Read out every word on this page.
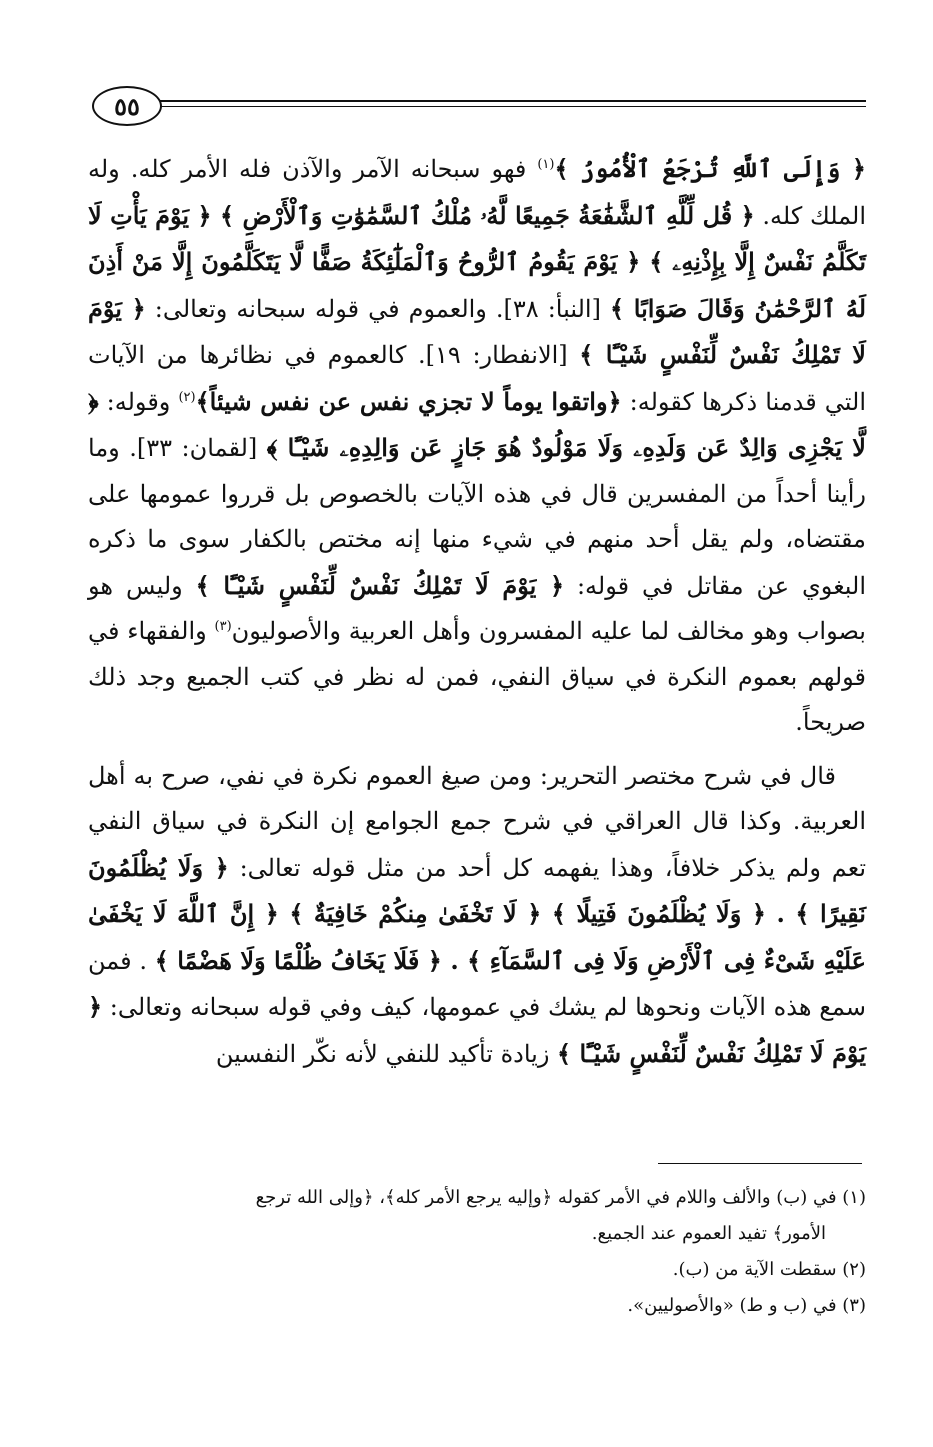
٥٥

﴿ وَإِلَى ٱللَّهِ تُرْجَعُ ٱلْأُمُورُ ﴾$^{(١)}$ فهو سبحانه الآمر والآذن فله الأمر كله. وله الملك كله. ﴿ قُل لِّلَّهِ ٱلشَّفَٰعَةُ جَمِيعًا لَّهُۥ مُلْكُ ٱلسَّمَٰوَٰتِ وَٱلْأَرْضِ ﴾ ﴿ يَوْمَ يَأْتِ لَا تَكَلَّمُ نَفْسٌ إِلَّا بِإِذْنِهِۦ ﴾ ﴿ يَوْمَ يَقُومُ ٱلرُّوحُ وَٱلْمَلَٰٓئِكَةُ صَفًّا لَّا يَتَكَلَّمُونَ إِلَّا مَنْ أَذِنَ لَهُ ٱلرَّحْمَٰنُ وَقَالَ صَوَابًا ﴾ [النبأ: ٣٨]. والعموم في قوله سبحانه وتعالى: ﴿ يَوْمَ لَا تَمْلِكُ نَفْسٌ لِّنَفْسٍ شَيْـًٔا ﴾ [الانفطار: ١٩]. كالعموم في نظائرها من الآيات التي قدمنا ذكرها كقوله: ﴿واتقوا يوماً لا تجزي نفس عن نفس شيئاً﴾$^{(٢)}$ وقوله: ﴿ لَّا يَجْزِى وَالِدٌ عَن وَلَدِهِۦ وَلَا مَوْلُودٌ هُوَ جَازٍ عَن وَالِدِهِۦ شَيْـًٔا ﴾ [لقمان: ٣٣]. وما رأينا أحداً من المفسرين قال في هذه الآيات بالخصوص بل قرروا عمومها على مقتضاه، ولم يقل أحد منهم في شيء منها إنه مختص بالكفار سوى ما ذكره البغوي عن مقاتل في قوله: ﴿ يَوْمَ لَا تَمْلِكُ نَفْسٌ لِّنَفْسٍ شَيْـًٔا ﴾ وليس هو بصواب وهو مخالف لما عليه المفسرون وأهل العربية والأصوليون$^{(٣)}$ والفقهاء في قولهم بعموم النكرة في سياق النفي، فمن له نظر في كتب الجميع وجد ذلك صريحاً.

قال في شرح مختصر التحرير: ومن صيغ العموم نكرة في نفي، صرح به أهل العربية. وكذا قال العراقي في شرح جمع الجوامع إن النكرة في سياق النفي تعم ولم يذكر خلافاً، وهذا يفهمه كل أحد من مثل قوله تعالى: ﴿ وَلَا يُظْلَمُونَ نَقِيرًا ﴾ . ﴿ وَلَا يُظْلَمُونَ فَتِيلًا ﴾ ﴿ لَا تَخْفَىٰ مِنكُمْ خَافِيَةٌ ﴾ ﴿ إِنَّ ٱللَّهَ لَا يَخْفَىٰ عَلَيْهِ شَىْءٌ فِى ٱلْأَرْضِ وَلَا فِى ٱلسَّمَآءِ ﴾ . ﴿ فَلَا يَخَافُ ظُلْمًا وَلَا هَضْمًا ﴾ . فمن سمع هذه الآيات ونحوها لم يشك في عمومها، كيف وفي قوله سبحانه وتعالى: ﴿ يَوْمَ لَا تَمْلِكُ نَفْسٌ لِّنَفْسٍ شَيْـًٔا ﴾ زيادة تأكيد للنفي لأنه نكّر النفسين

(١) في (ب) والألف واللام في الأمر كقوله ﴿وإليه يرجع الأمر كله﴾، ﴿وإلى الله ترجع

الأمور﴾ تفيد العموم عند الجميع.

(٢) سقطت الآية من (ب).

(٣) في (ب و ط) «والأصوليين».
